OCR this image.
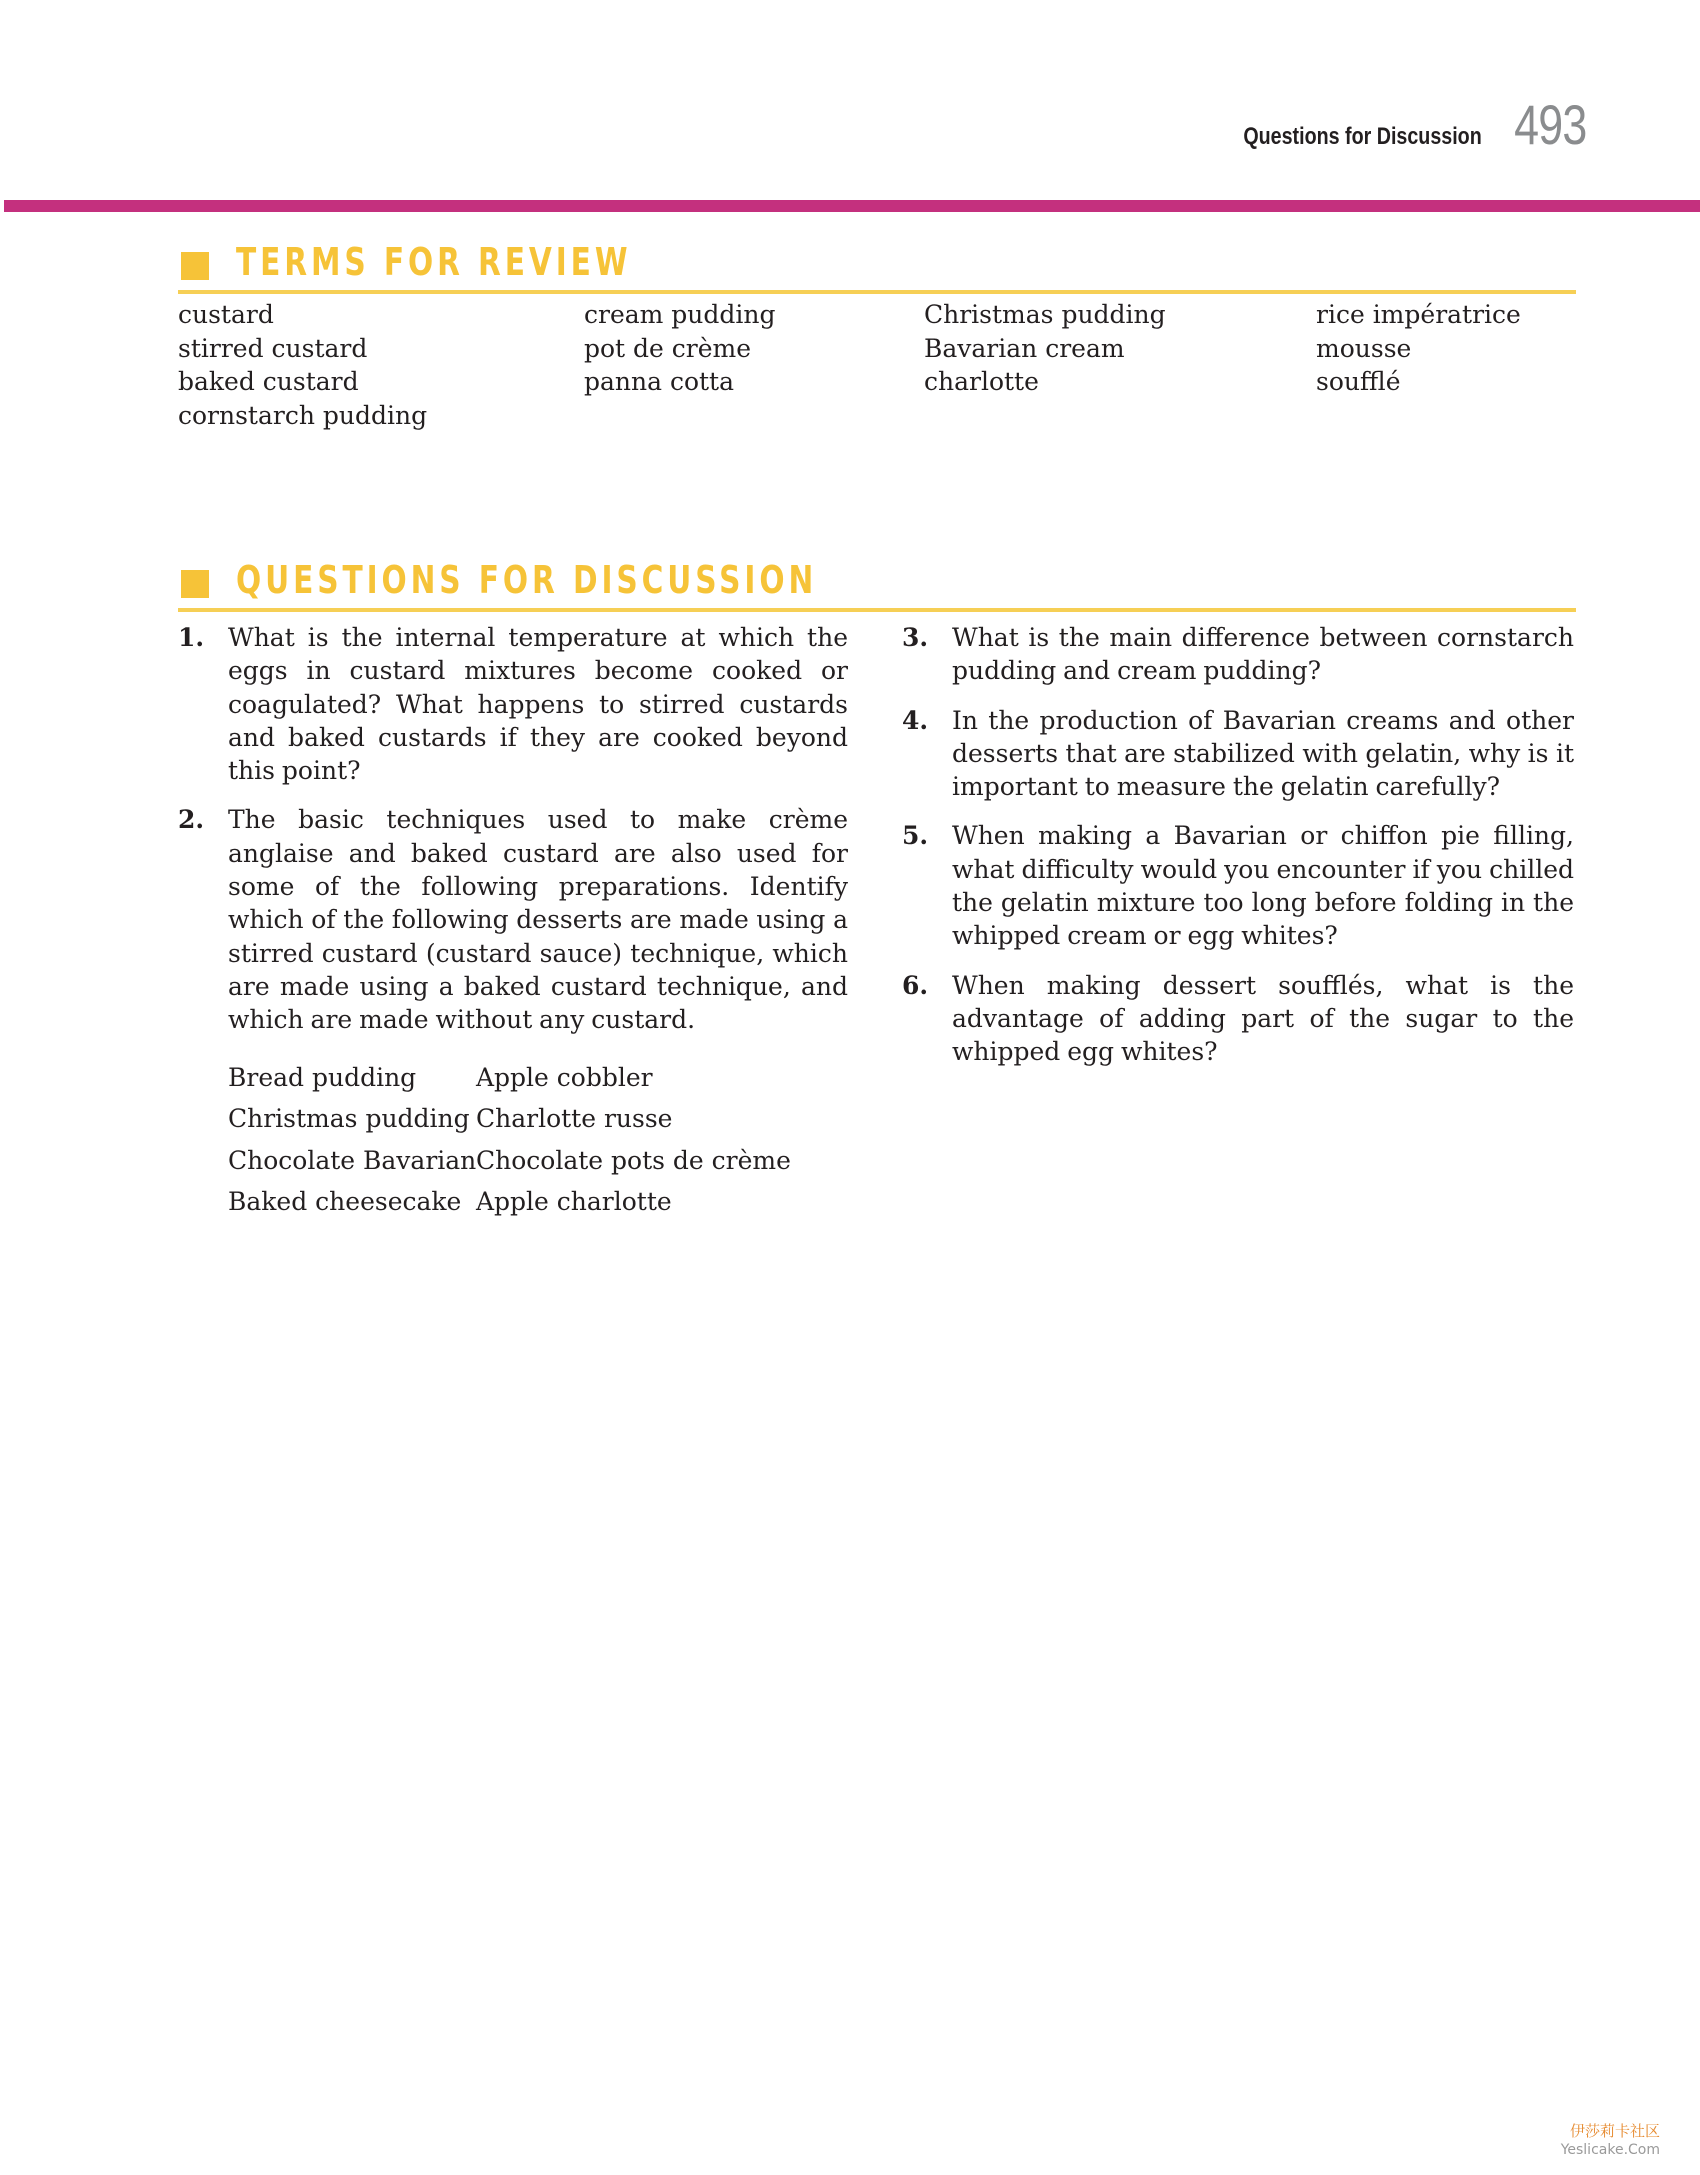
Questions for Discussion 493
TERMS FOR REVIEW
custard
stirred custard
baked custard
cornstarch pudding
cream pudding
pot de crème
panna cotta
Christmas pudding
Bavarian cream
charlotte
rice impératrice
mousse
soufflé
QUESTIONS FOR DISCUSSION
1. What is the internal temperature at which the eggs in custard mixtures become cooked or coagulated? What happens to stirred custards and baked custards if they are cooked beyond this point?
2. The basic techniques used to make crème anglaise and baked custard are also used for some of the following preparations. Identify which of the following desserts are made using a stirred custard (custard sauce) technique, which are made using a baked custard technique, and which are made without any custard.
Bread pudding	Apple cobbler
Christmas pudding Charlotte russe
Chocolate Bavarian Chocolate pots de crème
Baked cheesecake Apple charlotte
3. What is the main difference between cornstarch pudding and cream pudding?
4. In the production of Bavarian creams and other desserts that are stabilized with gelatin, why is it important to measure the gelatin carefully?
5. When making a Bavarian or chiffon pie filling, what difficulty would you encounter if you chilled the gelatin mixture too long before folding in the whipped cream or egg whites?
6. When making dessert soufflés, what is the advantage of adding part of the sugar to the whipped egg whites?
伊莎莉卡社区
Yeslicake.Com
